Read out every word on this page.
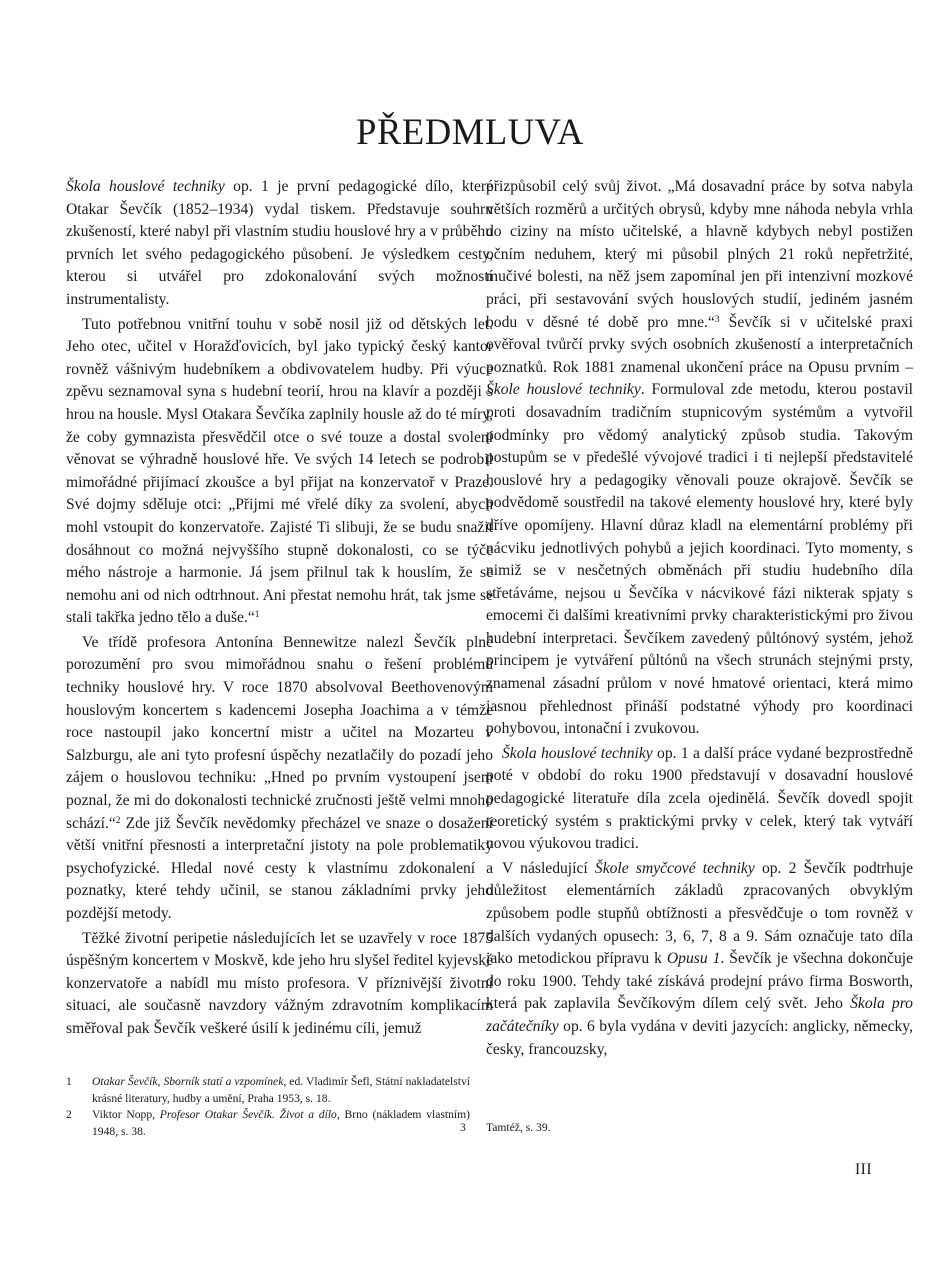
PŘEDMLUVA

Škola houslové techniky op. 1 je první pedagogické dílo, které Otakar Ševčík (1852–1934) vydal tiskem. Představuje souhrn zkušeností, které nabyl při vlastním studiu houslové hry a v průběhu prvních let svého pedagogického působení. Je výsledkem cesty, kterou si utvářel pro zdokonalování svých možností instrumentalisty.

Tuto potřebnou vnitřní touhu v sobě nosil již od dětských let. Jeho otec, učitel v Horažďovicích, byl jako typický český kantor rovněž vášnivým hudebníkem a obdivovatelem hudby. Při výuce zpěvu seznamoval syna s hudební teorií, hrou na klavír a později s hrou na housle. Mysl Otakara Ševčíka zaplnily housle až do té míry, že coby gymnazista přesvědčil otce o své touze a dostal svolení věnovat se výhradně houslové hře. Ve svých 14 letech se podrobil mimořádné přijímací zkoušce a byl přijat na konzervatoř v Praze. Své dojmy sděluje otci: „Přijmi mé vřelé díky za svolení, abych mohl vstoupit do konzervatoře. Zajisté Ti slibuji, že se budu snažit dosáhnout co možná nejvyššího stupně dokonalosti, co se týče mého nástroje a harmonie. Já jsem přilnul tak k houslím, že se nemohu ani od nich odtrhnout. Ani přestat nemohu hrát, tak jsme se stali takřka jedno tělo a duše.“$^1$

Ve třídě profesora Antonína Bennewitze nalezl Ševčík plné porozumění pro svou mimořádnou snahu o řešení problémů techniky houslové hry. V roce 1870 absolvoval Beethovenovým houslovým koncertem s kadencemi Josepha Joachima a v témže roce nastoupil jako koncertní mistr a učitel na Mozarteu v Salzburgu, ale ani tyto profesní úspěchy nezatlačily do pozadí jeho zájem o houslovou techniku: „Hned po prvním vystoupení jsem poznal, že mi do dokonalosti technické zručnosti ještě velmi mnoho schází.“$^2$ Zde již Ševčík nevědomky přecházel ve snaze o dosažení větší vnitřní přesnosti a interpretační jistoty na pole problematiky psychofyzické. Hledal nové cesty k vlastnímu zdokonalení a poznatky, které tehdy učinil, se stanou základními prvky jeho pozdější metody.

Těžké životní peripetie následujících let se uzavřely v roce 1875 úspěšným koncertem v Moskvě, kde jeho hru slyšel ředitel kyjevské konzervatoře a nabídl mu místo profesora. V příznivější životní situaci, ale současně navzdory vážným zdravotním komplikacím směřoval pak Ševčík veškeré úsilí k jedinému cíli, jemuž

přizpůsobil celý svůj život. „Má dosavadní práce by sotva nabyla větších rozměrů a určitých obrysů, kdyby mne náhoda nebyla vrhla do ciziny na místo učitelské, a hlavně kdybych nebyl postižen očním neduhem, který mi působil plných 21 roků nepřetržité, mučivé bolesti, na něž jsem zapomínal jen při intenzivní mozkové práci, při sestavování svých houslových studií, jediném jasném bodu v děsné té době pro mne.“$^3$ Ševčík si v učitelské praxi ověřoval tvůrčí prvky svých osobních zkušeností a interpretačních poznatků. Rok 1881 znamenal ukončení práce na Opusu prvním – Škole houslové techniky. Formuloval zde metodu, kterou postavil proti dosavadním tradičním stupnicovým systémům a vytvořil podmínky pro vědomý analytický způsob studia. Takovým postupům se v předešlé vývojové tradici i ti nejlepší představitelé houslové hry a pedagogiky věnovali pouze okrajově. Ševčík se podvědomě soustředil na takové elementy houslové hry, které byly dříve opomíjeny. Hlavní důraz kladl na elementární problémy při nácviku jednotlivých pohybů a jejich koordinaci. Tyto momenty, s nimiž se v nesčetných obměnách při studiu hudebního díla střetáváme, nejsou u Ševčíka v nácvikové fázi nikterak spjaty s emocemi či dalšími kreativními prvky charakteristickými pro živou hudební interpretaci. Ševčíkem zavedený půltónový systém, jehož principem je vytváření půltónů na všech strunách stejnými prsty, znamenal zásadní průlom v nové hmatové orientaci, která mimo jasnou přehlednost přináší podstatné výhody pro koordinaci pohybovou, intonační i zvukovou.

Škola houslové techniky op. 1 a další práce vydané bezprostředně poté v období do roku 1900 představují v dosavadní houslové pedagogické literatuře díla zcela ojedinělá. Ševčík dovedl spojit teoretický systém s praktickými prvky v celek, který tak vytváří novou výukovou tradici.

V následující Škole smyčcové techniky op. 2 Ševčík podtrhuje důležitost elementárních základů zpracovaných obvyklým způsobem podle stupňů obtížnosti a přesvědčuje o tom rovněž v dalších vydaných opusech: 3, 6, 7, 8 a 9. Sám označuje tato díla jako metodickou přípravu k Opusu 1. Ševčík je všechna dokončuje do roku 1900. Tehdy také získává prodejní právo firma Bosworth, která pak zaplavila Ševčíkovým dílem celý svět. Jeho Škola pro začátečníky op. 6 byla vydána v deviti jazycích: anglicky, německy, česky, francouzsky,

1 Otakar Ševčík, Sborník statí a vzpomínek, ed. Vladimír Šefl, Státní nakladatelství krásné literatury, hudby a umění, Praha 1953, s. 18.
2 Viktor Nopp, Profesor Otakar Ševčík. Život a dílo, Brno (nákladem vlastním) 1948, s. 38.	3 Tamtéž, s. 39.
III
